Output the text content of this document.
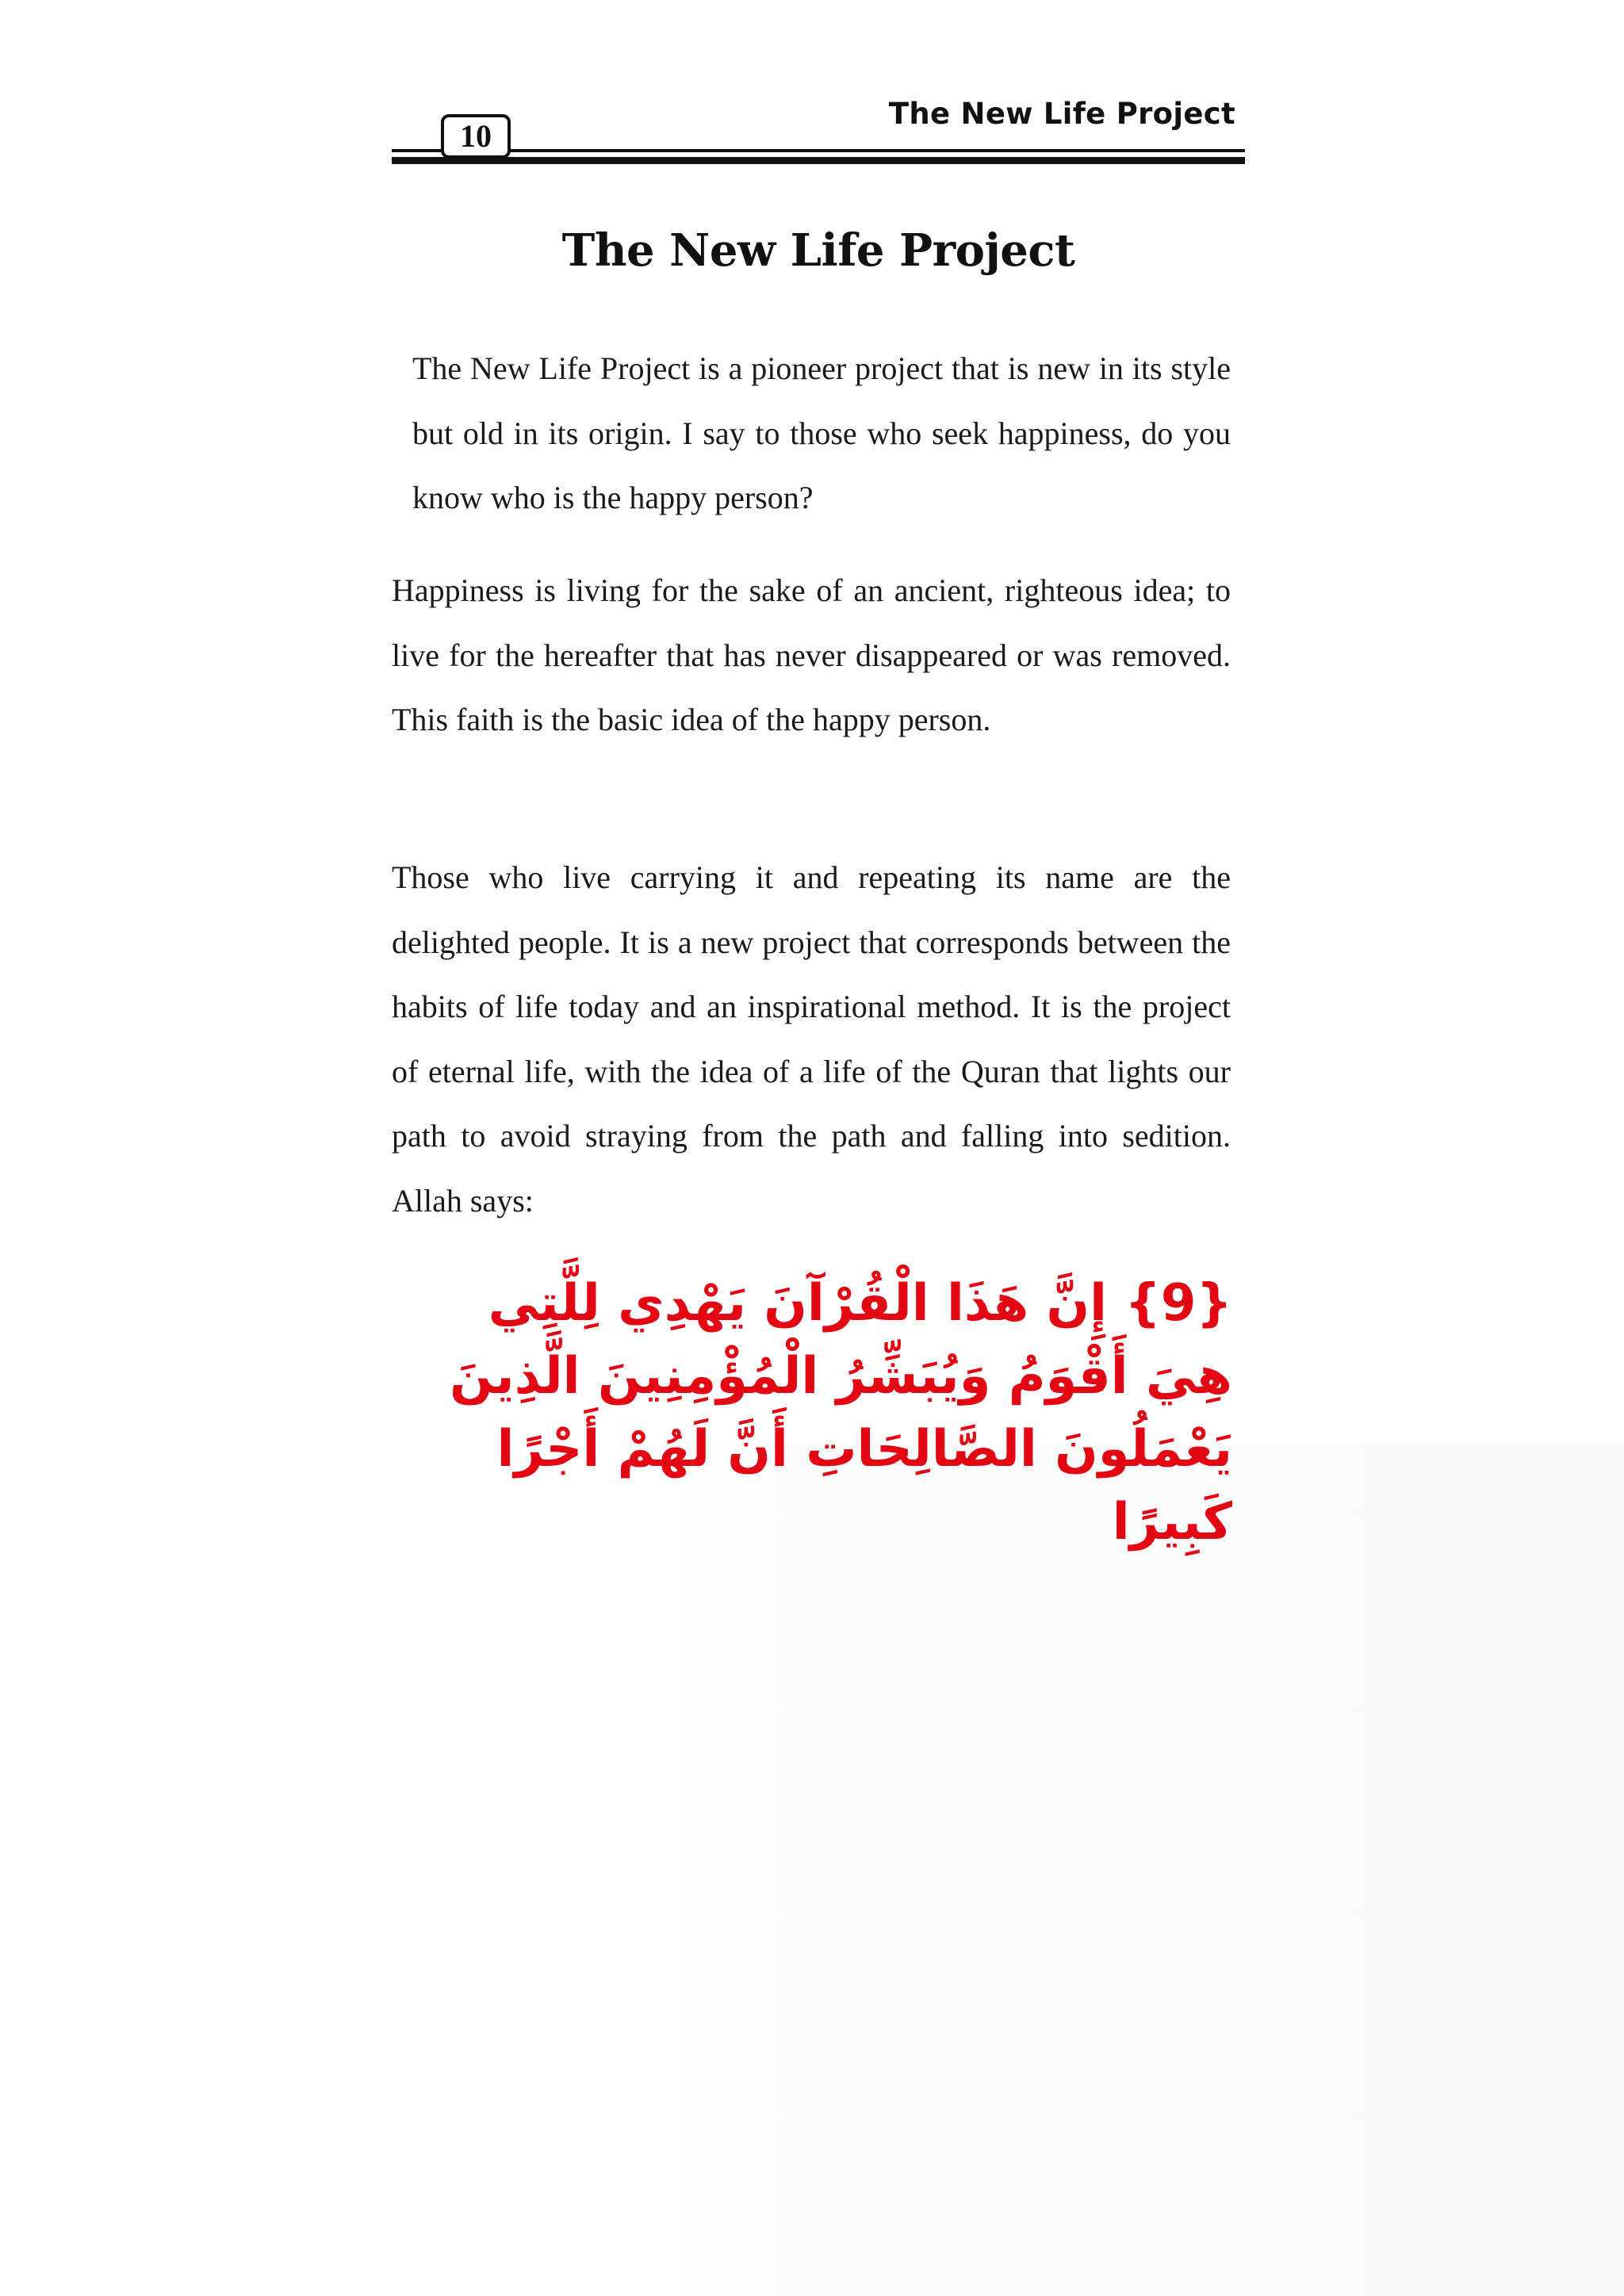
10
The New Life Project
The New Life Project

The New Life Project is a pioneer project that is new in its style but old in its origin. I say to those who seek happiness, do you know who is the happy person?

Happiness is living for the sake of an ancient, righteous idea; to live for the hereafter that has never disappeared or was removed. This faith is the basic idea of the happy person.

Those who live carrying it and repeating its name are the delighted people. It is a new project that corresponds between the habits of life today and an inspirational method. It is the project of eternal life, with the idea of a life of the Quran that lights our path to avoid straying from the path and falling into sedition. Allah says:

{9} إِنَّ هَذَا الْقُرْآنَ يَهْدِي لِلَّتِي هِيَ أَقْوَمُ وَيُبَشِّرُ الْمُؤْمِنِينَ الَّذِينَ يَعْمَلُونَ الصَّالِحَاتِ أَنَّ لَهُمْ أَجْرًا كَبِيرًا
